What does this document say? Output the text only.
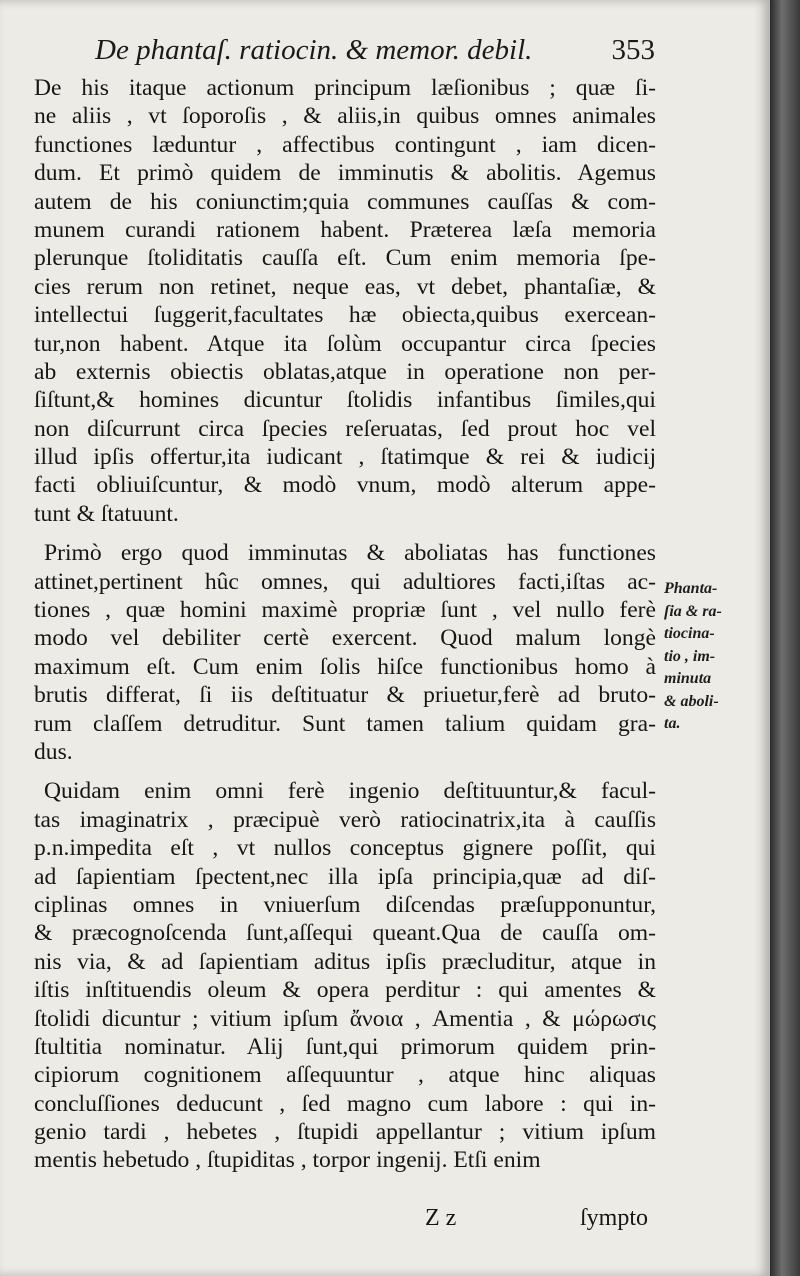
De phantaſ. ratiocin. & memor. debil.	353
De his itaque actionum principum læſionibus ; quæ ſi-
ne aliis , vt ſoporoſis , & aliis,in quibus omnes animales
functiones læduntur , affectibus contingunt , iam dicen-
dum. Et primò quidem de imminutis & abolitis. Agemus
autem de his coniunctim;quia communes cauſſas & com-
munem curandi rationem habent. Præterea læſa memoria
plerunque ſtoliditatis cauſſa eſt. Cum enim memoria ſpe-
cies rerum non retinet, neque eas, vt debet, phantaſiæ, &
intellectui ſuggerit,facultates hæ obiecta,quibus exercean-
tur,non habent. Atque ita ſolùm occupantur circa ſpecies
ab externis obiectis oblatas,atque in operatione non per-
ſiſtunt,& homines dicuntur ſtolidis infantibus ſimiles,qui
non diſcurrunt circa ſpecies reſeruatas, ſed prout hoc vel
illud ipſis offertur,ita iudicant , ſtatimque & rei & iudicij
facti obliuiſcuntur, & modò vnum, modò alterum appe-
tunt & ſtatuunt.
Primò ergo quod imminutas & aboliatas has functiones
attinet,pertinent hûc omnes, qui adultiores facti,iſtas ac-
tiones , quæ homini maximè propriæ ſunt , vel nullo ferè
modo vel debiliter certè exercent. Quod malum longè
maximum eſt. Cum enim ſolis hiſce functionibus homo à
brutis differat, ſi iis deſtituatur & priuetur,ferè ad bruto-
rum claſſem detruditur. Sunt tamen talium quidam gra-
dus.
Quidam enim omni ferè ingenio deſtituuntur,& facul-
tas imaginatrix , præcipuè verò ratiocinatrix,ita à cauſſis
p.n.impedita eſt , vt nullos conceptus gignere poſſit, qui
ad ſapientiam ſpectent,nec illa ipſa principia,quæ ad diſ-
ciplinas omnes in vniuerſum diſcendas præſupponuntur,
& præcognoſcenda ſunt,aſſequi queant.Qua de cauſſa om-
nis via, & ad ſapientiam aditus ipſis præcluditur, atque in
iſtis inſtituendis oleum & opera perditur : qui amentes &
ſtolidi dicuntur ; vitium ipſum ἄνοια , Amentia , & μώρωσις
ſtultitia nominatur. Alij ſunt,qui primorum quidem prin-
cipiorum cognitionem aſſequuntur , atque hinc aliquas
concluſſiones deducunt , ſed magno cum labore : qui in-
genio tardi , hebetes , ſtupidi appellantur ; vitium ipſum
mentis hebetudo , ſtupiditas , torpor ingenij. Etſi enim
Phanta-
ſia & ra-
tiocina-
tio , im-
minuta
& aboli-
ta.
Z z	ſympto
